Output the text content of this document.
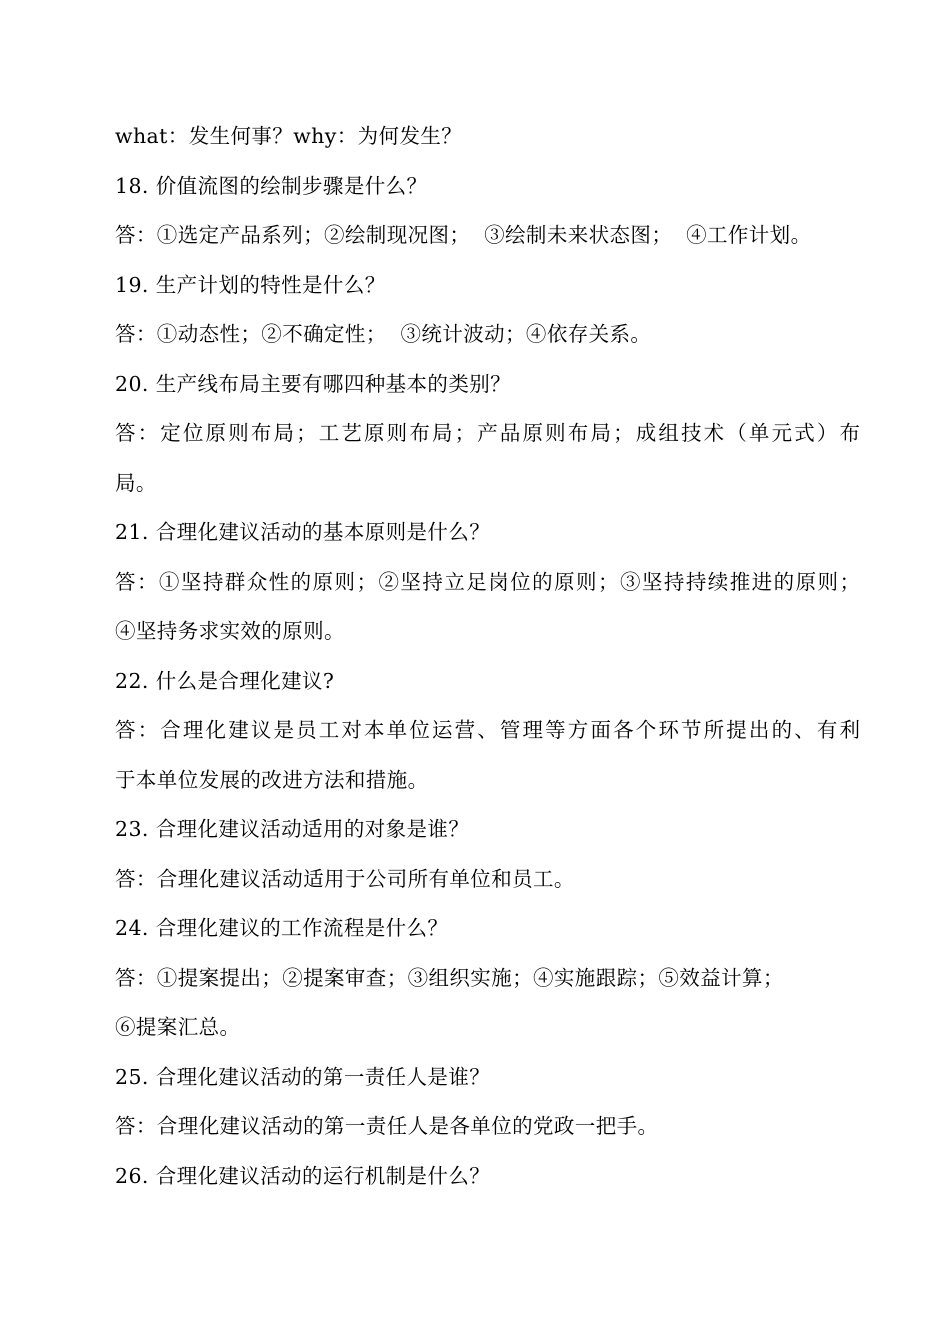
what：发生何事？why：为何发生？
18. 价值流图的绘制步骤是什么？
答：①选定产品系列；②绘制现况图；  ③绘制未来状态图；  ④工作计划。
19. 生产计划的特性是什么？
答：①动态性；②不确定性；  ③统计波动；④依存关系。
20. 生产线布局主要有哪四种基本的类别？
答：定位原则布局；工艺原则布局；产品原则布局；成组技术（单元式）布
局。
21. 合理化建议活动的基本原则是什么？
答：①坚持群众性的原则；②坚持立足岗位的原则；③坚持持续推进的原则；
④坚持务求实效的原则。
22. 什么是合理化建议?
答：合理化建议是员工对本单位运营、管理等方面各个环节所提出的、有利
于本单位发展的改进方法和措施。
23. 合理化建议活动适用的对象是谁？
答：合理化建议活动适用于公司所有单位和员工。
24. 合理化建议的工作流程是什么？
答：①提案提出；②提案审查；③组织实施；④实施跟踪；⑤效益计算；
⑥提案汇总。
25. 合理化建议活动的第一责任人是谁？
答：合理化建议活动的第一责任人是各单位的党政一把手。
26. 合理化建议活动的运行机制是什么？
